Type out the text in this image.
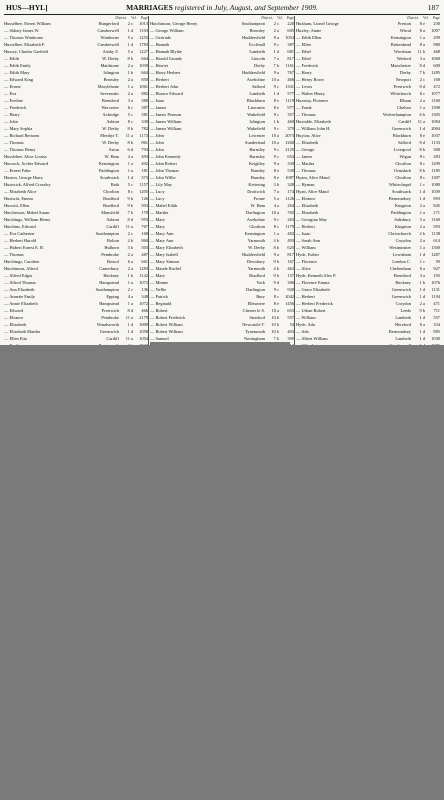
HUS—HYL]	MARRIAGES registered in July, August, and September 1909.	187
District. Vol. Page
Husselbee, Ernest William	Hungerford	2 c	1013
— Sidney James W.	Camberwell	1 d	1103
— Thomas Wimborne	Wimborne	5 a	1253
Husselbee, Elizabeth F.	Camberwell	1 d	1783
Hussey, Charles Garfield	Ashby Z.	5 a	1227
— Edith	W. Derby	8 b	664
— Edith Emily	Maidstone	2 a	1039
— Edith Mary	Islington	1 b	664
— Edward King	Bromley	2 a	850
— Ernest	Marylebone	1 a	1061
— Eva	Sevenoaks	2 a	882
— Eveline	Brentford	3 a	380
— Frederick	Worcester	6 c	387
— Harry	Axbridge	5 c	581
— John	Ashton	8 c	330
— Mary Sophia	W. Derby	8 b	782
— Richard Bertram	Merthyr T.	11 a	1173
— Thomas	W. Derby	8 b	861
— Thomas Henry	Aston	6 d	793
Husslebee, Alice Louisa	W. Ham	4 a	493
Hussock, Archer Edward	Kensington	1 a	492
— Ernest Fahn	Paddington	1 a	181
Huston, George Harry	Southwark	1 d	573
Hustwick, Alfred Crossley	Bath	5 c	1157
— Elizabeth Alice	Chorlton	8 c	1205
Hustwitt, Emma	Bradford	9 b	126
Huswitt, Ellen	Bradford	9 b	503
Hutchesson, Mabel Susan	Mansfield	7 b	170
Hutchings, William Henry	Ashton	8 d	953
Hutchins, Edward	Cardiff	11 a	767
— Eva Catherine	Southampton	2 c	168
— Herbert Harold	Bolton	2 b	860
— Hubert Ernest E. B.	Hulborn	3 b	503
— Thomas	Pembroke	2 a	487
Hutchings, Caroline	Bristol	6 a	661
Hutchinson, Alfred	Canterbury	2 a	1283
— Alfred Edgar	Hackney	1 b	1142
— Alfred Thomas	Hampstead	1 a	1072
— Ann Elizabeth	Southampton	2 c	136
— Annette Emily	Epping	4 a	348
— Annie Elizabeth	Hampstead	1 a	1072
— Edward	Prestwich	8 d	466
— Eleanor	Pembroke	11 a	2179
— Elizabeth	Wandsworth	1 d	1009
— Elizabeth Martha	Greenwich	1 d	1058
— Ellen Etta	Cardiff	11 a	1054
District. Vol. Page
Hutchinson, George Henry	Southampton	2 c	220
— George William	Bromley	2 a	605
— Gertrude	Huddersfield	9 a	1054
— Hannah	Ecclesall	9 c	387
— Hannah Blythe	Lambeth	1 d	681
— Harold Grundy	Lincoln	7 a	817
— Harriet	Derby	7 b	1161
— Harry Herbert	Huddersfield	9 a	767
— Herbert	Axeholme	10 a	466
— Herbert John	Salford	9 c	1331
— Horace Edward	Lambeth	1 d	577
— Isaac	Blackburn	8 e	1119
— James	Lancaster	8 e	977
— James Pearson	Wakefield	9 c	357
— James William	Islington	1 b	460
— James William	Wakefield	9 c	379
— John	Leicester	10 a	2073
— John	Sunderland	10 a	1260
— John	Barnsley	9 c	2125
— John Kennedy	Barnsley	9 c	654
— John Robert	Keighley	9 a	330
— John Thomas	Burnley	8 e	530
— John Willie	Burnley	8 e	1087
— Lily May	Kettering	3 b	328
— Lucy	Droitwich	7 a	174
— Lucy	Frome	5 a	1126
— Mabel Edith	W. Ham	4 a	264
— Martha	Darlington	10 a	765
— Mary	Axeholme	9 c	263
— Mary	Chorlton	8 c	1179
— Mary Ann	Kensington	1 a	482
— Mary Ann	Yarmouth	4 b	493
— Mary Elizabeth	W. Derby	8 b	625
— Mary Isabell	Huddersfield	9 a	817
— Mary Simson	Dewsbury	9 b	167
— Maude Rachel	Yarmouth	4 b	463
— Mary	Bradford	9 b	157
— Minnie	York	9 d	306
— Nellie	Darlington	9 c	920
— Patrick	Bury	8 c	2042
— Reginald	Ellesmere	8 e	1456
— Robert	Chester le S.	10 a	653
— Robert Frederick	Stratford	10 b	557
— Robert William	Newcastle T.	10 b	54
— Robert William	Tynemouth	10 b	403
— Samuel	Nottingham	7 b	395
District. Vol. Page
Huxham, Lionel George	Preston	8 e	230
Huxley, Annie	Wirral	8 a	1007
— Edith Ellen	Kensington	1 a	299
— Ellen	Birkenhead	8 a	980
— Ethel	Wrexham	11 b	468
— Ethel	Watford	3 a	1068
— Frederick	Manchester	8 d	600
— Harry	Derby	7 b	1285
— Henry Bowe	Newport	2 c	168
— Lewis	Prestwich	8 d	472
— Walter Henry	Whitchurch	6 c	1077
Huxstep, Florence	Elham	2 a	1160
— Frank	Chelsea	1 a	1398
— Thomas	Wolverhampton	6 b	1305
Huxtable, Elizabeth	Cardiff	11 a	1084
— William John H.	Greenwich	1 d	2004
Huyton, Alice	Blackburn	8 e	1037
— Elizabeth	Salford	8 d	1133
— George	Liverpool	8 b	300
— James	Wigan	8 c	283
— Martha	Chorlton	8 c	1209
— Thomas	Ormskirk	8 b	1185
Hyam, Alice Maud	Chorlton	8 c	1307
— Hyman	Whitechapel	1 c	1080
Hyatt, Alice Maud	Southwark	1 d	1039
— Eleanor	Bermondsey	1 d	893
— Elizabeth	Kingston	2 a	845
— Elizabeth	Paddington	1 a	171
— Georgina May	Salisbury	5 a	1160
— Herbert	Kingston	2 a	593
— Isaac	Christchurch	2 b	1138
— Sarah Ann	Croydon	2 a	614
— William	Westminster	1 a	1300
Hyde, Esther	Lewisham	1 d	1287
— Florence	London C.	1 c	59
— Alice	Cheltenham	6 a	927
Hyde, Kenneth Alex P.	Brentford	3 a	193
— Florence Emma	Hackney	1 b	1076
— Grace Elizabeth	Greenwich	1 d	1131
— Herbert	Greenwich	1 d	1194
— Herbert Frederick	Croydon	2 a	471
— Urban Robert	Leeds	9 b	711
— William	Lambeth	1 d	557
Hyde, Ada	Hereford	6 a	334
— Ada	Bermondsey	1 d	885
— Albert William	Lambeth	1 d	1030
